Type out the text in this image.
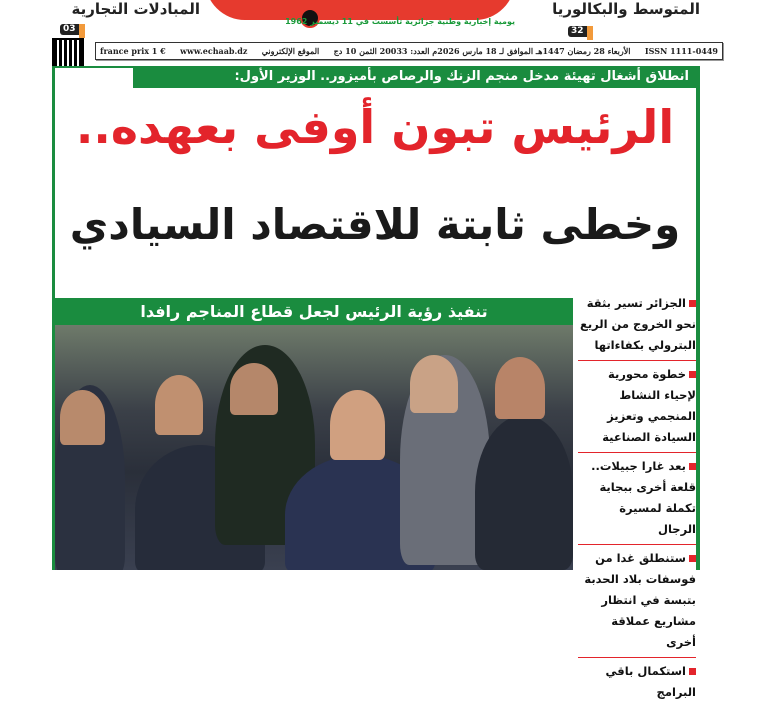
يومية إخبارية وطنية جزائرية تأسست في 11 ديسمبر 1962
المبادلات التجارية
03
المتوسط والبكالوريا
32
france prix 1 € www.echaab.dz الموقع الإلكتروني الأربعاء 28 رمضان 1447هـ الموافق لـ 18 مارس 2026م العدد: 20033 الثمن 10 دج ISSN 1111-0449
انطلاق أشغال تهيئة مدخل منجم الزنك والرصاص بأميزور.. الوزير الأول:
الرئيس تبون أوفى بعهده..
وخطى ثابتة للاقتصاد السيادي
تنفيذ رؤية الرئيس لجعل قطاع المناجم رافدا	الجزائر تسير بثقة نحو الخروج من الريع البترولي بكفاءاتها
خطوة محورية لإحياء النشاط المنجمي وتعزيز السيادة الصناعية
بعد غارا جبيلات.. قلعة أخرى ببجاية تكملة لمسيرة الرجال
ستنطلق غدا من فوسفات بلاد الحدبة بتبسة في انتظار مشاريع عملاقة أخرى
استكمال باقي البرامج
